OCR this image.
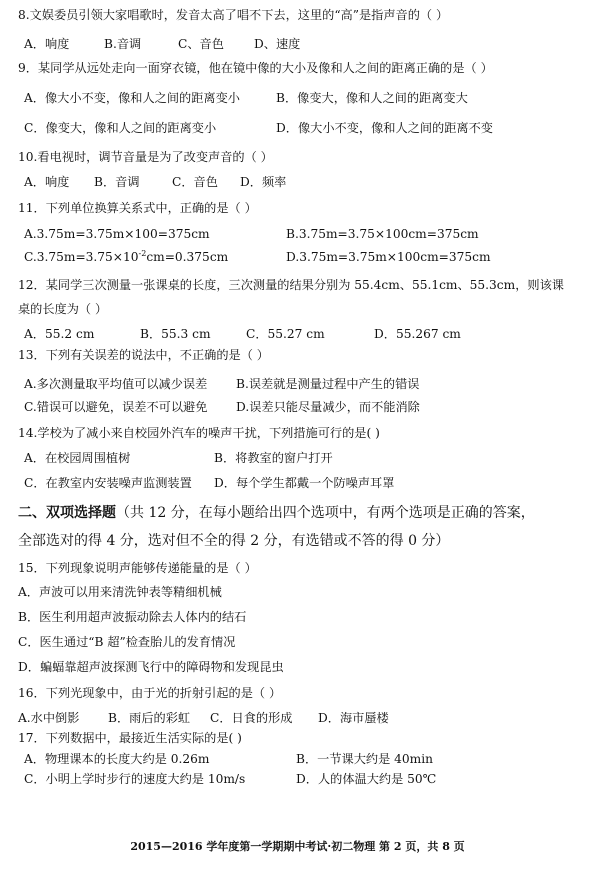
8.文娱委员引领大家唱歌时，发音太高了唱不下去，这里的“高”是指声音的（ ）
A．响度	B.音调	C、音色 D、速度
9．某同学从远处走向一面穿衣镜，他在镜中像的大小及像和人之间的距离正确的是（ ）
A．像大小不变，像和人之间的距离变小	B．像变大，像和人之间的距离变大
C．像变大，像和人之间的距离变小	D．像大小不变，像和人之间的距离不变
10.看电视时，调节音量是为了改变声音的（ ）
A．响度 B．音调	C．音色 D．频率
11．下列单位换算关系式中，正确的是（ ）
A.3.75m=3.75m×100=375cm	B.3.75m=3.75×100cm=375cm
$C.3.75m=3.75\times 10^{-2}cm=0.375cm$	D.3.75m=3.75m×100cm=375cm
12．某同学三次测量一张课桌的长度，三次测量的结果分别为 55.4cm、55.1cm、55.3cm，则该课
桌的长度为（ ）
A．55.2 cm	B．55.3 cm	C．55.27 cm	D．55.267 cm
13．下列有关误差的说法中，不正确的是（ ）
A.多次测量取平均值可以减少误差 B.误差就是测量过程中产生的错误
C.错误可以避免，误差不可以避免 D.误差只能尽量减少，而不能消除
14.学校为了减小来自校园外汽车的噪声干扰，下列措施可行的是( )
A．在校园周围植树	B．将教室的窗户打开
C．在教室内安装噪声监测装置 D．每个学生都戴一个防噪声耳罩
二、双项选择题（共 12 分，在每小题给出四个选项中，有两个选项是正确的答案，
全部选对的得 4 分，选对但不全的得 2 分，有选错或不答的得 0 分）
15．下列现象说明声能够传递能量的是（ ）
A．声波可以用来清洗钟表等精细机械
B．医生利用超声波振动除去人体内的结石
C．医生通过“B 超”检查胎儿的发育情况
D．蝙蝠靠超声波探测飞行中的障碍物和发现昆虫
16．下列光现象中，由于光的折射引起的是（ ）
A.水中倒影 B．雨后的彩虹 C．日食的形成 D．海市蜃楼
17．下列数据中，最接近生活实际的是( )
A．物理课本的长度大约是 0.26m	B．一节课大约是 40min
C．小明上学时步行的速度大约是 10m/s	D．人的体温大约是 50℃
2015—2016 学年度第一学期期中考试·初二物理 第 2 页，共 8 页
